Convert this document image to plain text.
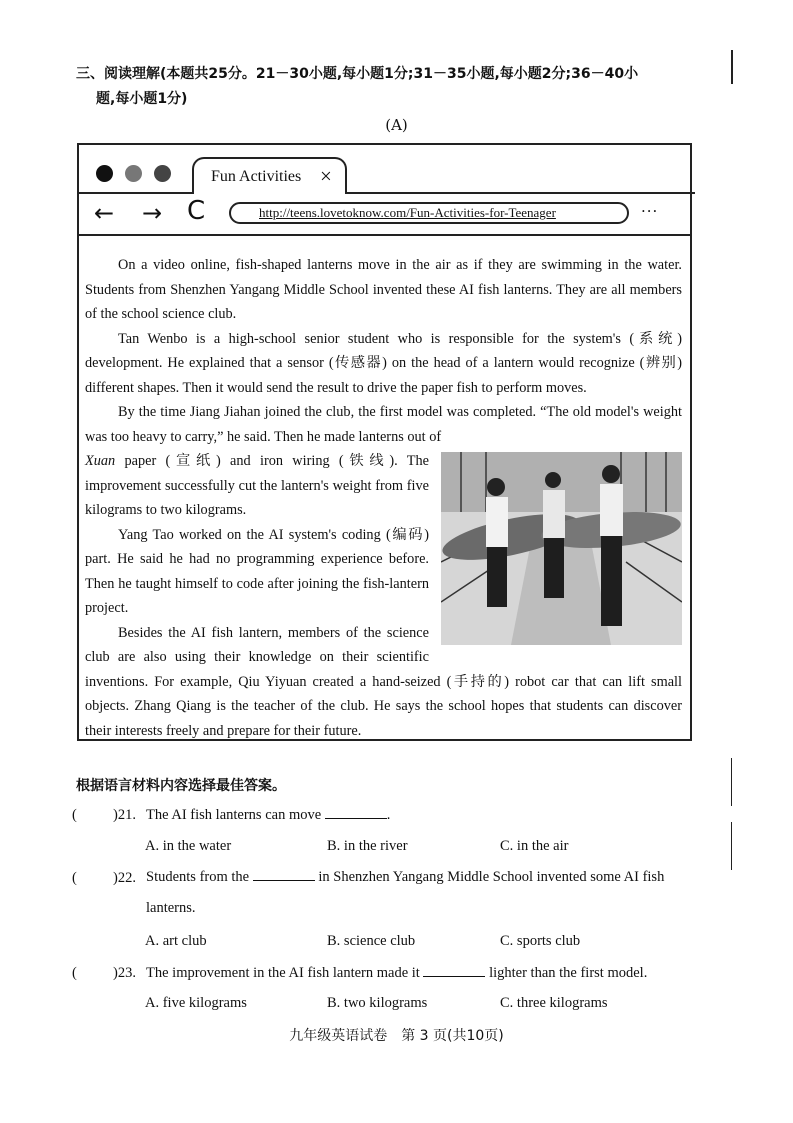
三、阅读理解(本题共25分。21－30小题,每小题1分;31－35小题,每小题2分;36－40小
题,每小题1分)
(A)
Fun Activities ×
← → C	http://teens.lovetoknow.com/Fun-Activities-for-Teenager	···

On a video online, fish-shaped lanterns move in the air as if they are swimming in the water. Students from Shenzhen Yangang Middle School invented these AI fish lanterns. They are all members of the school science club.

Tan Wenbo is a high-school senior student who is responsible for the system's (系统) development. He explained that a sensor (传感器) on the head of a lantern would recognize (辨别) different shapes. Then it would send the result to drive the paper fish to perform moves.

By the time Jiang Jiahan joined the club, the first model was completed. “The old model's weight was too heavy to carry,” he said. Then he made lanterns out of

Xuan paper (宣纸) and iron wiring (铁线). The improvement successfully cut the lantern's weight from five kilograms to two kilograms.

Yang Tao worked on the AI system's coding (编码) part. He said he had no programming experience before. Then he taught himself to code after joining the fish-lantern project.

Besides the AI fish lantern, members of the science club are also using their knowledge on their scientific inventions. For example, Qiu Yiyuan created a hand-seized (手持的) robot car that can lift small objects. Zhang Qiang is the teacher of the club. He says the school hopes that students can discover their interests freely and prepare for their future.

根据语言材料内容选择最佳答案。
( )21. The AI fish lanterns can move	.
A. in the water	B. in the river	C. in the air
( )22. Students from the	in Shenzhen Yangang Middle School invented some AI fish lanterns.
A. art club	B. science club	C. sports club
( )23. The improvement in the AI fish lantern made it	lighter than the first model.
A. five kilograms	B. two kilograms	C. three kilograms
九年级英语试卷　第 3 页(共10页)
